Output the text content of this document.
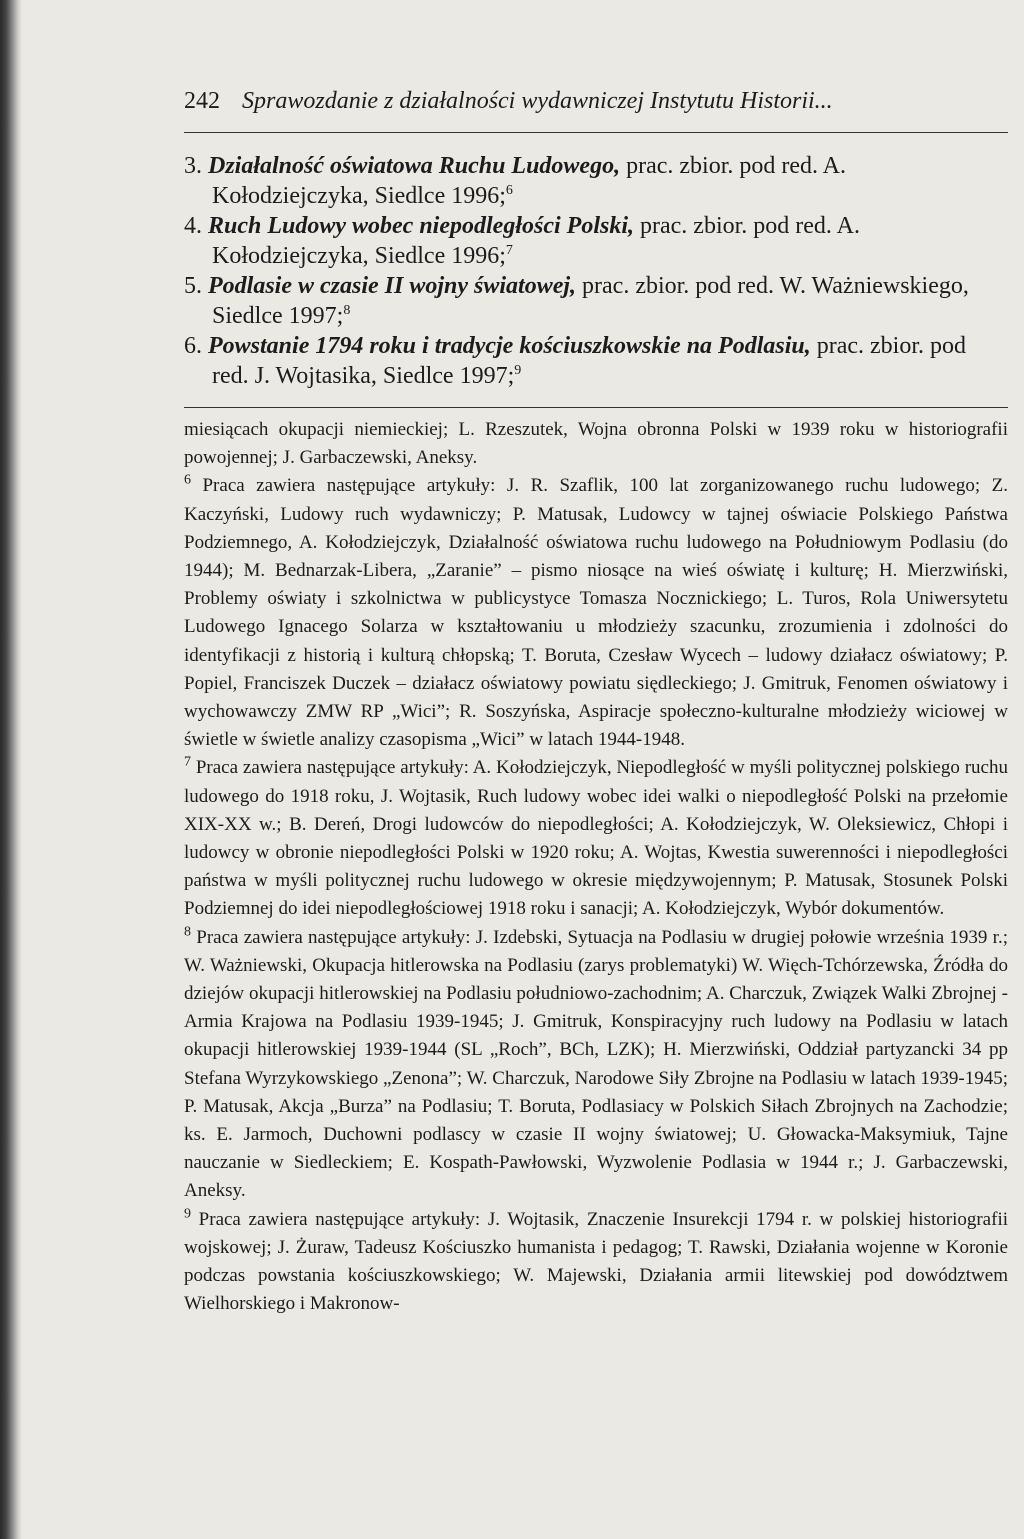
242 Sprawozdanie z działalności wydawniczej Instytutu Historii...
3. Działalność oświatowa Ruchu Ludowego, prac. zbior. pod red. A. Kołodziejczyka, Siedlce 1996;$^6$
4. Ruch Ludowy wobec niepodległości Polski, prac. zbior. pod red. A. Kołodziejczyka, Siedlce 1996;$^7$
5. Podlasie w czasie II wojny światowej, prac. zbior. pod red. W. Ważniewskiego, Siedlce 1997;$^8$
6. Powstanie 1794 roku i tradycje kościuszkowskie na Podlasiu, prac. zbior. pod red. J. Wojtasika, Siedlce 1997;$^9$

miesiącach okupacji niemieckiej; L. Rzeszutek, Wojna obronna Polski w 1939 roku w historiografii powojennej; J. Garbaczewski, Aneksy.

$^6$ Praca zawiera następujące artykuły: J. R. Szaflik, 100 lat zorganizowanego ruchu ludowego; Z. Kaczyński, Ludowy ruch wydawniczy; P. Matusak, Ludowcy w tajnej oświacie Polskiego Państwa Podziemnego, A. Kołodziejczyk, Działalność oświatowa ruchu ludowego na Południowym Podlasiu (do 1944); M. Bednarzak-Libera, „Zaranie” – pismo niosące na wieś oświatę i kulturę; H. Mierzwiński, Problemy oświaty i szkolnictwa w publicystyce Tomasza Nocznickiego; L. Turos, Rola Uniwersytetu Ludowego Ignacego Solarza w kształtowaniu u młodzieży szacunku, zrozumienia i zdolności do identyfikacji z historią i kulturą chłopską; T. Boruta, Czesław Wycech – ludowy działacz oświatowy; P. Popiel, Franciszek Duczek – działacz oświatowy powiatu siędleckiego; J. Gmitruk, Fenomen oświatowy i wychowawczy ZMW RP „Wici”; R. Soszyńska, Aspiracje społeczno-kulturalne młodzieży wiciowej w świetle w świetle analizy czasopisma „Wici” w latach 1944-1948.

$^7$ Praca zawiera następujące artykuły: A. Kołodziejczyk, Niepodległość w myśli politycznej polskiego ruchu ludowego do 1918 roku, J. Wojtasik, Ruch ludowy wobec idei walki o niepodległość Polski na przełomie XIX-XX w.; B. Dereń, Drogi ludowców do niepodległości; A. Kołodziejczyk, W. Oleksiewicz, Chłopi i ludowcy w obronie niepodległości Polski w 1920 roku; A. Wojtas, Kwestia suwerenności i niepodległości państwa w myśli politycznej ruchu ludowego w okresie międzywojennym; P. Matusak, Stosunek Polski Podziemnej do idei niepodległościowej 1918 roku i sanacji; A. Kołodziejczyk, Wybór dokumentów.

$^8$ Praca zawiera następujące artykuły: J. Izdebski, Sytuacja na Podlasiu w drugiej połowie września 1939 r.; W. Ważniewski, Okupacja hitlerowska na Podlasiu (zarys problematyki) W. Więch-Tchórzewska, Źródła do dziejów okupacji hitlerowskiej na Podlasiu południowo-zachodnim; A. Charczuk, Związek Walki Zbrojnej - Armia Krajowa na Podlasiu 1939-1945; J. Gmitruk, Konspiracyjny ruch ludowy na Podlasiu w latach okupacji hitlerowskiej 1939-1944 (SL „Roch”, BCh, LZK); H. Mierzwiński, Oddział partyzancki 34 pp Stefana Wyrzykowskiego „Zenona”; W. Charczuk, Narodowe Siły Zbrojne na Podlasiu w latach 1939-1945; P. Matusak, Akcja „Burza” na Podlasiu; T. Boruta, Podlasiacy w Polskich Siłach Zbrojnych na Zachodzie; ks. E. Jarmoch, Duchowni podlascy w czasie II wojny światowej; U. Głowacka-Maksymiuk, Tajne nauczanie w Siedleckiem; E. Kospath-Pawłowski, Wyzwolenie Podlasia w 1944 r.; J. Garbaczewski, Aneksy.

$^9$ Praca zawiera następujące artykuły: J. Wojtasik, Znaczenie Insurekcji 1794 r. w polskiej historiografii wojskowej; J. Żuraw, Tadeusz Kościuszko humanista i pedagog; T. Rawski, Działania wojenne w Koronie podczas powstania kościuszkowskiego; W. Majewski, Działania armii litewskiej pod dowództwem Wielhorskiego i Makronow-
